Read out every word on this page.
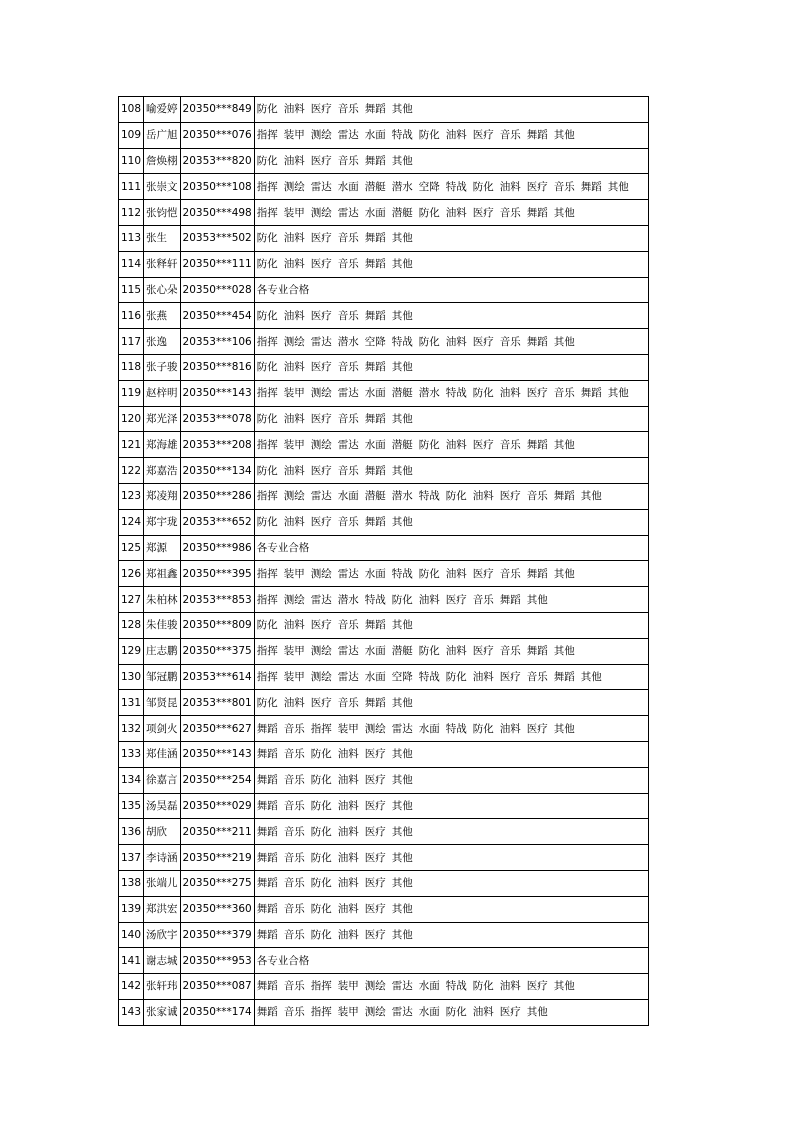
108	喻爱婷	20350***849	防化 油料 医疗 音乐 舞蹈 其他
109	岳广旭	20350***076	指挥 装甲 测绘 雷达 水面 特战 防化 油料 医疗 音乐 舞蹈 其他
110	詹焕栩	20353***820	防化 油料 医疗 音乐 舞蹈 其他
111	张崇文	20350***108	指挥 测绘 雷达 水面 潜艇 潜水 空降 特战 防化 油料 医疗 音乐 舞蹈 其他
112	张钧恺	20350***498	指挥 装甲 测绘 雷达 水面 潜艇 防化 油料 医疗 音乐 舞蹈 其他
113	张生	20353***502	防化 油料 医疗 音乐 舞蹈 其他
114	张释轩	20350***111	防化 油料 医疗 音乐 舞蹈 其他
115	张心朵	20350***028	各专业合格
116	张燕	20350***454	防化 油料 医疗 音乐 舞蹈 其他
117	张逸	20353***106	指挥 测绘 雷达 潜水 空降 特战 防化 油料 医疗 音乐 舞蹈 其他
118	张子骏	20350***816	防化 油料 医疗 音乐 舞蹈 其他
119	赵梓明	20350***143	指挥 装甲 测绘 雷达 水面 潜艇 潜水 特战 防化 油料 医疗 音乐 舞蹈 其他
120	郑光泽	20353***078	防化 油料 医疗 音乐 舞蹈 其他
121	郑海雄	20353***208	指挥 装甲 测绘 雷达 水面 潜艇 防化 油料 医疗 音乐 舞蹈 其他
122	郑嘉浩	20350***134	防化 油料 医疗 音乐 舞蹈 其他
123	郑凌翔	20350***286	指挥 测绘 雷达 水面 潜艇 潜水 特战 防化 油料 医疗 音乐 舞蹈 其他
124	郑宇珑	20353***652	防化 油料 医疗 音乐 舞蹈 其他
125	郑源	20350***986	各专业合格
126	郑祖鑫	20350***395	指挥 装甲 测绘 雷达 水面 特战 防化 油料 医疗 音乐 舞蹈 其他
127	朱柏林	20353***853	指挥 测绘 雷达 潜水 特战 防化 油料 医疗 音乐 舞蹈 其他
128	朱佳骏	20350***809	防化 油料 医疗 音乐 舞蹈 其他
129	庄志鹏	20350***375	指挥 装甲 测绘 雷达 水面 潜艇 防化 油料 医疗 音乐 舞蹈 其他
130	邹冠鹏	20353***614	指挥 装甲 测绘 雷达 水面 空降 特战 防化 油料 医疗 音乐 舞蹈 其他
131	邹贤昆	20353***801	防化 油料 医疗 音乐 舞蹈 其他
132	项剑火	20350***627	舞蹈 音乐 指挥 装甲 测绘 雷达 水面 特战 防化 油料 医疗 其他
133	郑佳涵	20350***143	舞蹈 音乐 防化 油料 医疗 其他
134	徐嘉言	20350***254	舞蹈 音乐 防化 油料 医疗 其他
135	汤昊磊	20350***029	舞蹈 音乐 防化 油料 医疗 其他
136	胡欣	20350***211	舞蹈 音乐 防化 油料 医疗 其他
137	李诗涵	20350***219	舞蹈 音乐 防化 油料 医疗 其他
138	张端儿	20350***275	舞蹈 音乐 防化 油料 医疗 其他
139	郑洪宏	20350***360	舞蹈 音乐 防化 油料 医疗 其他
140	汤欣宇	20350***379	舞蹈 音乐 防化 油料 医疗 其他
141	谢志城	20350***953	各专业合格
142	张轩玮	20350***087	舞蹈 音乐 指挥 装甲 测绘 雷达 水面 特战 防化 油料 医疗 其他
143	张家诚	20350***174	舞蹈 音乐 指挥 装甲 测绘 雷达 水面 防化 油料 医疗 其他
